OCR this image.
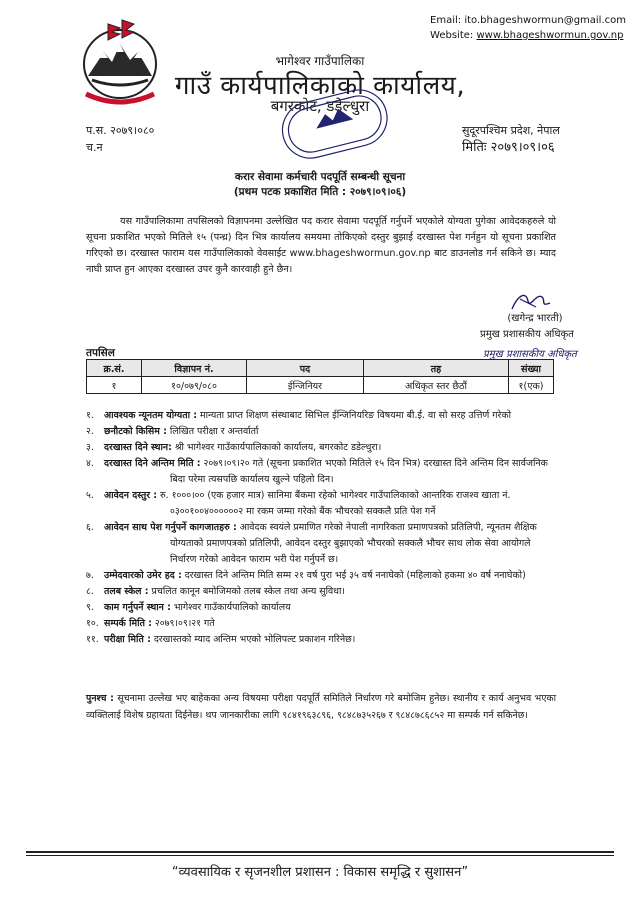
Email: ito.bhageshwormun@gmail.com
Website: www.bhageshwormun.gov.np
भागेश्वर गाउँपालिका
गाउँ कार्यपालिकाको कार्यालय,
बगरकोट, डडेल्धुरा
प.स. २०७९।०८०
च.न
सुदूरपश्चिम प्रदेश, नेपाल
मितिः २०७९।०९।०६
करार सेवामा कर्मचारी पदपूर्ति सम्बन्धी सूचना
(प्रथम पटक प्रकाशित मिति : २०७९।०९।०६)
यस गाउँपालिकामा तपसिलको विज्ञापनमा उल्लेखित पद करार सेवामा पदपूर्ति गर्नुपर्ने भएकोले योग्यता पुगेका आवेदकहरुले यो सूचना प्रकाशित भएको मितिले १५ (पन्ध्र) दिन भित्र कार्यालय समयमा तोकिएको दस्तुर बुझाई दरखास्त पेश गर्नहुन यो सूचना प्रकाशित गरिएको छ। दरखास्त फाराम यस गाउँपालिकाको वेवसाईट www.bhageshwormun.gov.np बाट डाउनलोड गर्न सकिने छ। म्याद नाघी प्राप्त हुन आएका दरखास्त उपर कुनै कारवाही हुने छैन।
(खगेन्द्र भारती)
प्रमुख प्रशासकीय अधिकृत
प्रमुख प्रशासकीय अधिकृत
तपसिल
क्र.सं.	विज्ञापन नं.	पद	तह	संख्या
१	१०/०७९/०८०	ईन्जिनियर	अधिकृत स्तर छैठौं	१(एक)
१. आवश्यक न्यूनतम योग्यता : मान्यता प्राप्त शिक्षण संस्थाबाट सिभिल ईन्जिनियरिङ विषयमा बी.ई. वा सो सरह उत्तिर्ण गरेको
२. छनौटको किसिम : लिखित परीक्षा र अन्तर्वार्ता
३. दरखास्त दिने स्थान: श्री भागेश्वर गाउँकार्यपालिकाको कार्यालय, बगरकोट डडेल्धुरा।
४. दरखास्त दिने अन्तिम मिति : २०७९।०९।२० गते (सूचना प्रकाशित भएको मितिले १५ दिन भित्र) दरखास्त दिने अन्तिम दिन सार्वजनिक बिदा परेमा त्यसपछि कार्यालय खुल्ने पहिलो दिन।
५. आवेदन दस्तुर : रु. १०००।०० (एक हजार मात्र) सानिमा बैंकमा रहेको भागेश्वर गाउँपालिकाको आन्तरिक राजश्व खाता नं. ०३००१००४००००००२ मा रकम जम्मा गरेको बैंक भौचरको सक्कलै प्रति पेश गर्ने
६. आवेदन साथ पेश गर्नुपर्ने कागजातहरु : आवेदक स्वयंले प्रमाणित गरेको नेपाली नागरिकता प्रमाणपत्रको प्रतिलिपी, न्यूनतम शैक्षिक योग्यताको प्रमाणपत्रको प्रतिलिपी, आवेदन दस्तुर बुझाएको भौचरको सक्कलै भौचर साथ लोक सेवा आयोगले निर्धारण गरेको आवेदन फाराम भरी पेश गर्नुपर्ने छ।
७. उम्मेदवारको उमेर हद : दरखास्त दिने अन्तिम मिति सम्म २१ वर्ष पुरा भई ३५ वर्ष ननाघेको (महिलाको हकमा ४० वर्ष ननाघेको)
८. तलब स्केल : प्रचलित कानून बमोजिमको तलब स्केल तथा अन्य सुविधा।
९. काम गर्नुपर्ने स्थान : भागेश्वर गाउँकार्यपालिको कार्यालय
१०. सम्पर्क मिति : २०७९।०९।२१ गते
११. परीक्षा मिति : दरखास्तको म्याद अन्तिम भएको भोलिपल्ट प्रकाशन गरिनेछ।
पुनश्च : सूचनामा उल्लेख भए बाहेकका अन्य विषयमा परीक्षा पदपूर्ति समितिले निर्धारण गरे बमोजिम हुनेछ। स्थानीय र कार्य अनुभव भएका व्यक्तिलाई विशेष ग्रहायता दिईनेछ। थप जानकारीका लागि ९८४१९६३८९६, ९८४८७३५२६७ र ९८४८७८६८५२ मा सम्पर्क गर्न सकिनेछ।
“व्यवसायिक र सृजनशील प्रशासन : विकास समृद्धि र सुशासन”
